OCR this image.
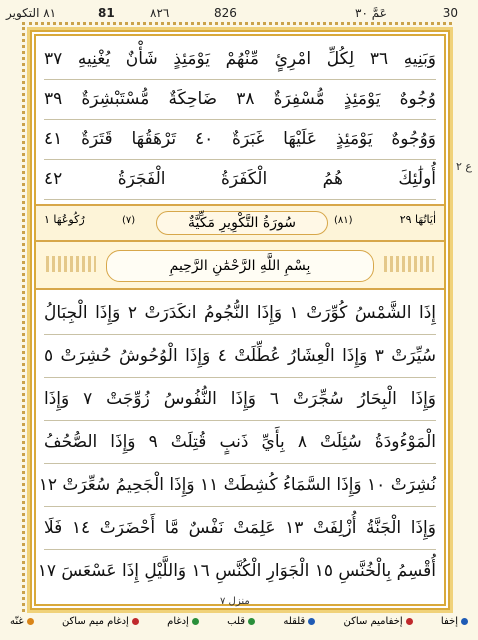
٨١ التكوير	81	٨٢٦	826	عَمَّ ٣٠	30
وَبَنِيهِ ٣٦ لِكُلِّ امْرِئٍ مِّنْهُمْ يَوْمَئِذٍ شَأْنٌ يُغْنِيهِ ٣٧
وُجُوهٌ يَوْمَئِذٍ مُّسْفِرَةٌ ٣٨ ضَاحِكَةٌ مُّسْتَبْشِرَةٌ ٣٩
وَوُجُوهٌ يَوْمَئِذٍ عَلَيْهَا غَبَرَةٌ ٤٠ تَرْهَقُهَا قَتَرَةٌ ٤١
أُولَٰئِكَ هُمُ الْكَفَرَةُ الْفَجَرَةُ ٤٢
رُكُوعُهَا ١	(٧)	سُورَةُ التَّكْوِيرِ مَكِّيَّةٌ	(٨١)	اٰيَاتُهَا ٢٩
بِسْمِ اللَّهِ الرَّحْمَٰنِ الرَّحِيمِ
إِذَا الشَّمْسُ كُوِّرَتْ ١ وَإِذَا النُّجُومُ انكَدَرَتْ ٢ وَإِذَا الْجِبَالُ
سُيِّرَتْ ٣ وَإِذَا الْعِشَارُ عُطِّلَتْ ٤ وَإِذَا الْوُحُوشُ حُشِرَتْ ٥
وَإِذَا الْبِحَارُ سُجِّرَتْ ٦ وَإِذَا النُّفُوسُ زُوِّجَتْ ٧ وَإِذَا
الْمَوْءُودَةُ سُئِلَتْ ٨ بِأَيِّ ذَنبٍ قُتِلَتْ ٩ وَإِذَا الصُّحُفُ
نُشِرَتْ ١٠ وَإِذَا السَّمَاءُ كُشِطَتْ ١١ وَإِذَا الْجَحِيمُ سُعِّرَتْ ١٢
وَإِذَا الْجَنَّةُ أُزْلِفَتْ ١٣ عَلِمَتْ نَفْسٌ مَّا أَحْضَرَتْ ١٤ فَلَا
أُقْسِمُ بِالْخُنَّسِ ١٥ الْجَوَارِ الْكُنَّسِ ١٦ وَاللَّيْلِ إِذَا عَسْعَسَ ١٧
ع ٢
منزل ٧
إخفا
إخفاميم ساكن
قلقله
قلب
إدغام
إدغام ميم ساكن
غنّه
